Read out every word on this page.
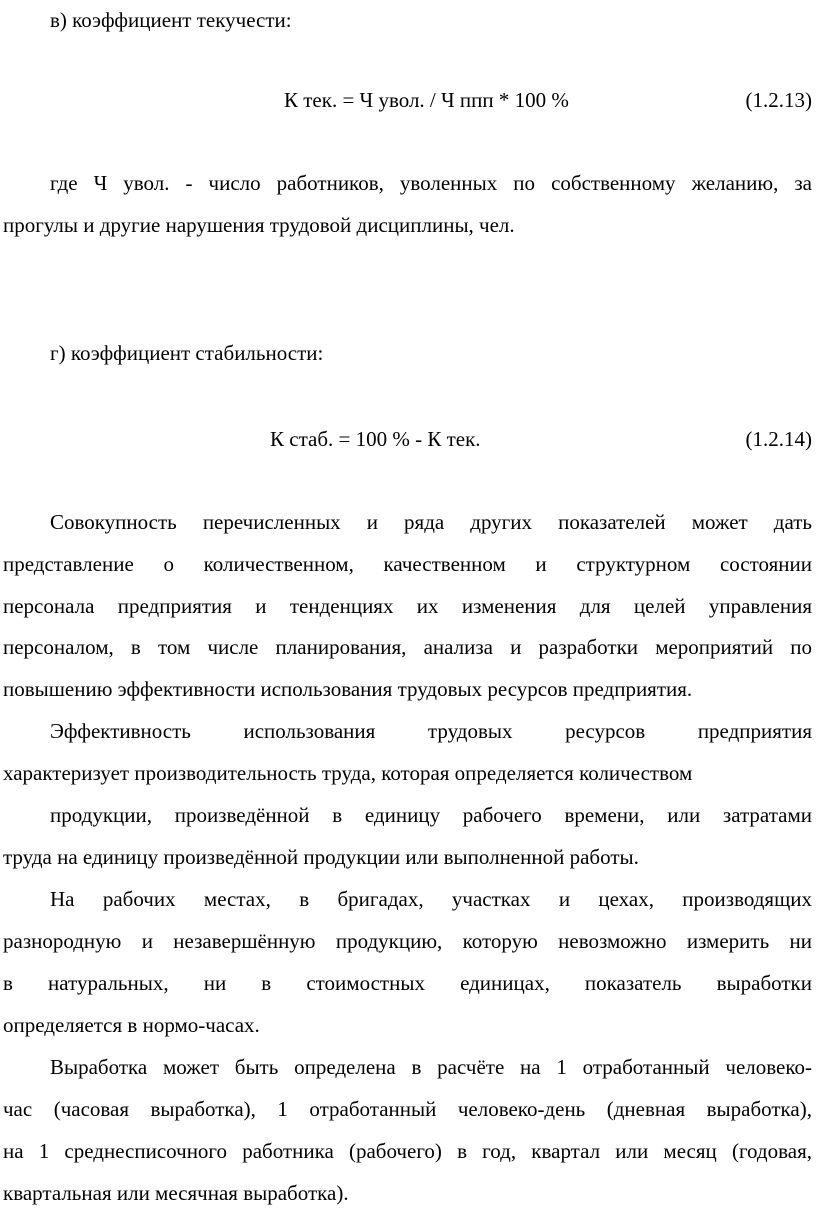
в) коэффициент текучести:
К тек. = Ч увол. / Ч ппп * 100 %	(1.2.13)
где Ч увол. - число работников, уволенных по собственному желанию, за
прогулы и другие нарушения трудовой дисциплины, чел.
г) коэффициент стабильности:
К стаб. = 100 % - К тек.	(1.2.14)
Совокупность перечисленных и ряда других показателей может дать
представление о количественном, качественном и структурном состоянии
персонала предприятия и тенденциях их изменения для целей управления
персоналом, в том числе планирования, анализа и разработки мероприятий по
повышению эффективности использования трудовых ресурсов предприятия.
Эффективность использования трудовых ресурсов предприятия
характеризует производительность труда, которая определяется количеством
продукции, произведённой в единицу рабочего времени, или затратами
труда на единицу произведённой продукции или выполненной работы.
На рабочих местах, в бригадах, участках и цехах, производящих
разнородную и незавершённую продукцию, которую невозможно измерить ни
в натуральных, ни в стоимостных единицах, показатель выработки
определяется в нормо-часах.
Выработка может быть определена в расчёте на 1 отработанный человеко-
час (часовая выработка), 1 отработанный человеко-день (дневная выработка),
на 1 среднесписочного работника (рабочего) в год, квартал или месяц (годовая,
квартальная или месячная выработка).
